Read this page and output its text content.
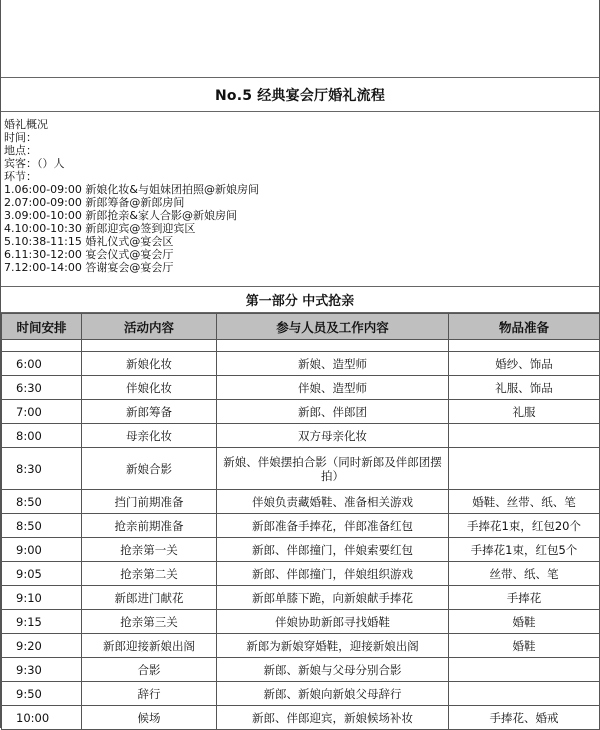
No.5 经典宴会厅婚礼流程
婚礼概况
时间：
地点：
宾客：（）人
环节：
1.06:00-09:00 新娘化妆&与姐妹团拍照@新娘房间
2.07:00-09:00 新郎筹备@新郎房间
3.09:00-10:00 新郎抢亲&家人合影@新娘房间
4.10:00-10:30 新郎迎宾@签到迎宾区
5.10:38-11:15 婚礼仪式@宴会区
6.11:30-12:00 宴会仪式@宴会厅
7.12:00-14:00 答谢宴会@宴会厅
第一部分 中式抢亲
时间安排	活动内容	参与人员及工作内容	物品准备

6:00	新娘化妆	新娘、造型师	婚纱、饰品
6:30	伴娘化妆	伴娘、造型师	礼服、饰品
7:00	新郎筹备	新郎、伴郎团	礼服
8:00	母亲化妆	双方母亲化妆	
8:30	新娘合影	新娘、伴娘摆拍合影（同时新郎及伴郎团摆拍）	
8:50	挡门前期准备	伴娘负责藏婚鞋、准备相关游戏	婚鞋、丝带、纸、笔
8:50	抢亲前期准备	新郎准备手捧花，伴郎准备红包	手捧花1束，红包20个
9:00	抢亲第一关	新郎、伴郎撞门，伴娘索要红包	手捧花1束，红包5个
9:05	抢亲第二关	新郎、伴郎撞门，伴娘组织游戏	丝带、纸、笔
9:10	新郎进门献花	新郎单膝下跪，向新娘献手捧花	手捧花
9:15	抢亲第三关	伴娘协助新郎寻找婚鞋	婚鞋
9:20	新郎迎接新娘出阁	新郎为新娘穿婚鞋，迎接新娘出阁	婚鞋
9:30	合影	新郎、新娘与父母分别合影	
9:50	辞行	新郎、新娘向新娘父母辞行	
10:00	候场	新郎、伴郎迎宾，新娘候场补妆	手捧花、婚戒
